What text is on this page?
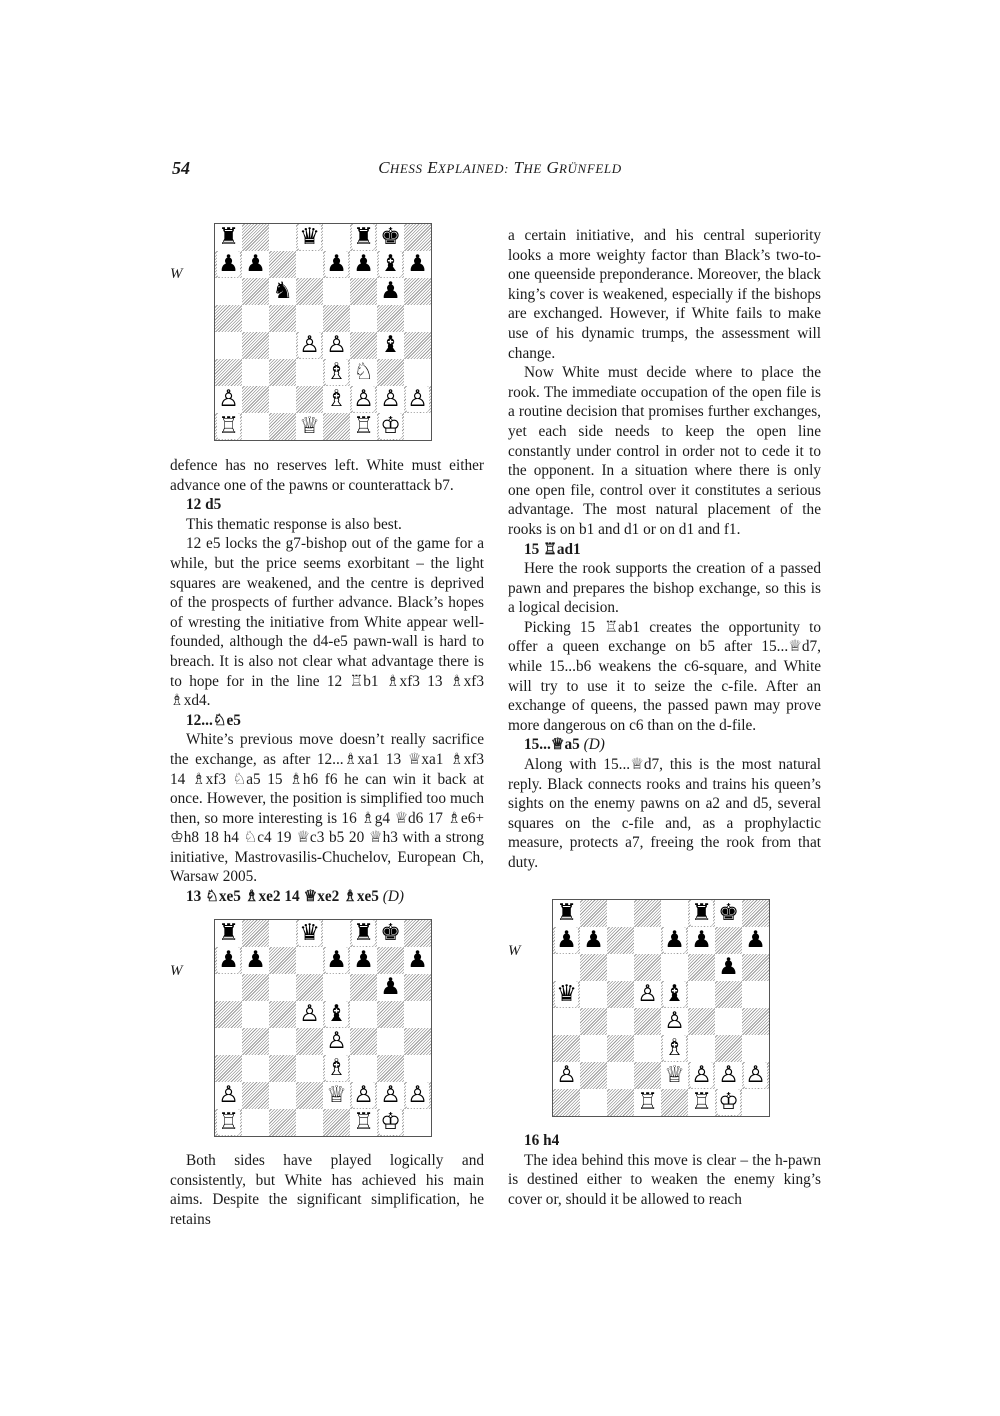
54	CHESS EXPLAINED: THE GRÜNFELD
W
♜	♛ ♜ ♚
♟ ♟	♟ ♟ ♝ ♟
♞	♟
♙ ♙ ♝
♗ ♘
♙	♗ ♙ ♙ ♙
♖	♕ ♖ ♔

defence has no reserves left. White must either advance one of the pawns or counterattack b7.

12 d5

This thematic response is also best.

12 e5 locks the g7-bishop out of the game for a while, but the price seems exorbitant – the light squares are weakened, and the centre is deprived of the prospects of further advance. Black’s hopes of wresting the initiative from White appear well-founded, although the d4-e5 pawn-wall is hard to breach. It is also not clear what advantage there is to hope for in the line 12 ♖b1 ♗xf3 13 ♗xf3 ♗xd4.

12...♘e5

White’s previous move doesn’t really sacrifice the exchange, as after 12...♗xa1 13 ♕xa1 ♗xf3 14 ♗xf3 ♘a5 15 ♗h6 f6 he can win it back at once. However, the position is simplified too much then, so more interesting is 16 ♗g4 ♕d6 17 ♗e6+ ♔h8 18 h4 ♘c4 19 ♕c3 b5 20 ♕h3 with a strong initiative, Mastrovasilis-Chuchelov, European Ch, Warsaw 2005.

13 ♘xe5 ♗xe2 14 ♕xe2 ♗xe5 (D)

W
♜	♛ ♜ ♚
♟ ♟	♟ ♟ ♟
♟
♙ ♝
♙
♗
♙	♕ ♙ ♙ ♙
♖	♖ ♔

Both sides have played logically and consistently, but White has achieved his main aims. Despite the significant simplification, he retains

a certain initiative, and his central superiority looks a more weighty factor than Black’s two-to-one queenside preponderance. Moreover, the black king’s cover is weakened, especially if the bishops are exchanged. However, if White fails to make use of his dynamic trumps, the assessment will change.

Now White must decide where to place the rook. The immediate occupation of the open file is a routine decision that promises further exchanges, yet each side needs to keep the open line constantly under control in order not to cede it to the opponent. In a situation where there is only one open file, control over it constitutes a serious advantage. The most natural placement of the rooks is on b1 and d1 or on d1 and f1.

15 ♖ad1

Here the rook supports the creation of a passed pawn and prepares the bishop exchange, so this is a logical decision.

Picking 15 ♖ab1 creates the opportunity to offer a queen exchange on b5 after 15...♕d7, while 15...b6 weakens the c6-square, and White will try to use it to seize the c-file. After an exchange of queens, the passed pawn may prove more dangerous on c6 than on the d-file.

15...♕a5 (D)

Along with 15...♕d7, this is the most natural reply. Black connects rooks and trains his queen’s sights on the enemy pawns on a2 and d5, several squares on the c-file and, as a prophylactic measure, protects a7, freeing the rook from that duty.

W
♜	♜ ♚
♟ ♟	♟ ♟ ♟
♟
♛	♙ ♝
♙
♗
♙	♕ ♙ ♙ ♙
♖ ♖ ♔

16 h4

The idea behind this move is clear – the h-pawn is destined either to weaken the enemy king’s cover or, should it be allowed to reach
